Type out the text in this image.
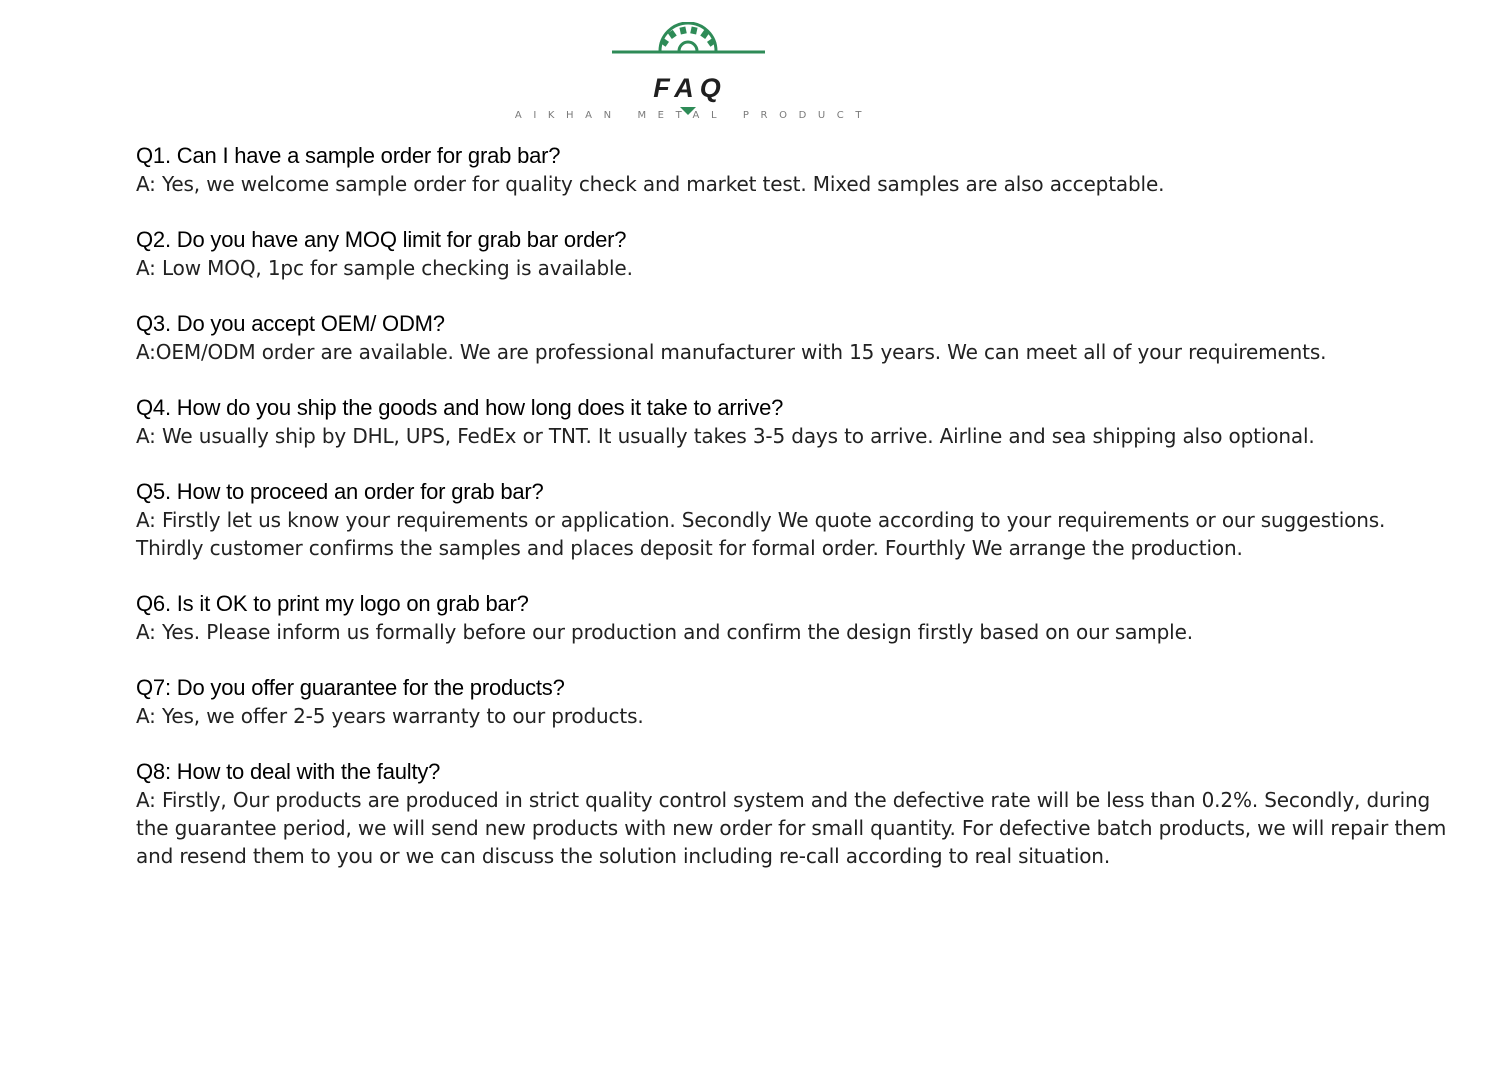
FAQ
AIKHAN METAL PRODUCT

Q1. Can I have a sample order for grab bar?

A: Yes, we welcome sample order for quality check and market test. Mixed samples are also acceptable.

Q2. Do you have any MOQ limit for grab bar order?

A: Low MOQ, 1pc for sample checking is available.

Q3. Do you accept OEM/ ODM?

A:OEM/ODM order are available. We are professional manufacturer with 15 years. We can meet all of your requirements.

Q4. How do you ship the goods and how long does it take to arrive?

A: We usually ship by DHL, UPS, FedEx or TNT. It usually takes 3-5 days to arrive. Airline and sea shipping also optional.

Q5. How to proceed an order for grab bar?

A: Firstly let us know your requirements or application. Secondly We quote according to your requirements or our suggestions. Thirdly customer confirms the samples and places deposit for formal order. Fourthly We arrange the production.

Q6. Is it OK to print my logo on grab bar?

A: Yes. Please inform us formally before our production and confirm the design firstly based on our sample.

Q7: Do you offer guarantee for the products?

A: Yes, we offer 2-5 years warranty to our products.

Q8: How to deal with the faulty?

A: Firstly, Our products are produced in strict quality control system and the defective rate will be less than 0.2%. Secondly, during the guarantee period, we will send new products with new order for small quantity. For defective batch products, we will repair them and resend them to you or we can discuss the solution including re-call according to real situation.
